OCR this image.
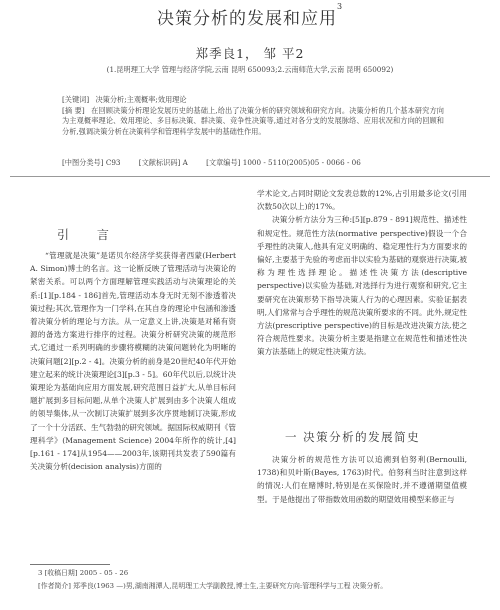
决策分析的发展和应用$^3$
郑季良1， 邹 平2
(1.昆明理工大学 管理与经济学院,云南 昆明 650093;2.云南师范大学,云南 昆明 650092)
[关键词] 决策分析;主观概率;效用理论
[摘 要] 在回顾决策分析理论发展历史的基础上,给出了决策分析的研究领域和研究方向。决策分析的几个基本研究方向为主观概率理论、效用理论、多目标决策、群决策、竞争性决策等,通过对各分支的发展脉络、应用状况和方向的回顾和分析,强调决策分析在决策科学和管理科学发展中的基础性作用。
[中图分类号] C93	[文献标识码] A	[文章编号] 1000 - 5110(2005)05 - 0066 - 06
引 言

“管理就是决策”是诺贝尔经济学奖获得者西蒙(Herbert A. Simon)博士的名言。这一论断反映了管理活动与决策论的紧密关系。可以两个方面理解管理实践活动与决策理论的关系:[1][p.184 - 186]首先,管理活动本身无时无刻不渗透着决策过程;其次,管理作为一门学科,在其自身的理论中包涵和渗透着决策分析的理论与方法。从一定意义上讲,决策是对稀有资源的备选方案进行排序的过程。决策分析研究决策的规范形式,它通过一系列明确的步骤将模糊的决策问题转化为明晰的决策问题[2][p.2 - 4]。决策分析的前身是20世纪40年代开始建立起来的统计决策理论[3][p.3 - 5]。60年代以后,以统计决策理论为基础向应用方面发展,研究范围日益扩大,从单目标问题扩展到多目标问题,从单个决策人扩展到由多个决策人组成的领导集体,从一次制订决策扩展到多次序贯地制订决策,形成了一个十分活跃、生气勃勃的研究领域。据国际权威期刊《管理科学》(Management Science) 2004年所作的统计,[4][p.161 - 174]从1954——2003年,该期刊共发表了590篇有关决策分析(decision analysis)方面的

学术论文,占同时期论文发表总数的12%,占引用最多论文(引用次数50次以上)的17%。

决策分析方法分为三种:[5][p.879 - 891]规范性、描述性和规定性。规范性方法(normative perspective)假设一个合乎理性的决策人,他具有定义明确的、稳定理性行为方面要求的偏好,主要基于先验的考虑而非以实验为基础的观察进行决策,被称为理性选择理论。描述性决策方法(descriptive perspective)以实验为基础,对选择行为进行观察和研究,它主要研究在决策形势下指导决策人行为的心理因素。实验证据表明,人们常常与合乎理性的规范决策所要求的不同。此外,规定性方法(prescriptive perspective)的目标是改进决策方法,使之符合规范性要求。决策分析主要是指建立在规范性和描述性决策方法基础上的规定性决策方法。

一 决策分析的发展简史

决策分析的规范性方法可以追溯到伯努利(Bernoulli, 1738)和贝叶斯(Bayes, 1763)时代。伯努利当时注意到这样的情况:人们在赌博时,特别是在买保险时,并不遵循期望值模型。于是他提出了带指数效用函数的期望效用模型来修正与

3 [收稿日期] 2005 - 05 - 26
[作者简介] 郑季良(1963 —)男,湖南湘潭人,昆明理工大学副教授,博士生,主要研究方向:管理科学与工程 决策分析。
